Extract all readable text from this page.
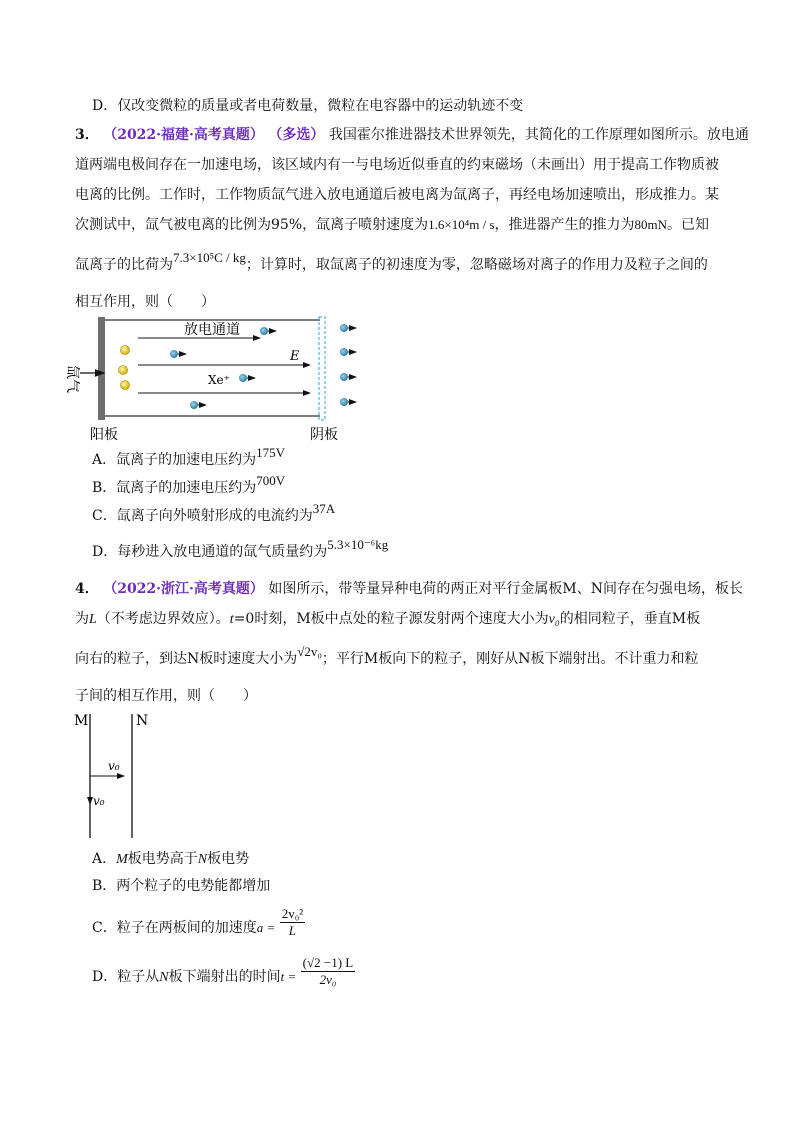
D．仅改变微粒的质量或者电荷数量，微粒在电容器中的运动轨迹不变
3． （2022·福建·高考真题） （多选） 我国霍尔推进器技术世界领先，其简化的工作原理如图所示。放电通
道两端电极间存在一加速电场，该区域内有一与电场近似垂直的约束磁场（未画出）用于提高工作物质被
电离的比例。工作时，工作物质氙气进入放电通道后被电离为氙离子，再经电场加速喷出，形成推力。某
次测试中，氙气被电离的比例为95%，氙离子喷射速度为1.6×10⁴m / s，推进器产生的推力为80mN。已知
氙离子的比荷为7.3×10⁵C / kg；计算时，取氙离子的初速度为零，忽略磁场对离子的作用力及粒子之间的
相互作用，则（　　）
放电通道
E
Xe⁺
氙气
阳板	阴板
A．氙离子的加速电压约为175V
B．氙离子的加速电压约为700V
C．氙离子向外喷射形成的电流约为37A
D．每秒进入放电通道的氙气质量约为5.3×10⁻⁶kg
4． （2022·浙江·高考真题） 如图所示，带等量异种电荷的两正对平行金属板M、N间存在匀强电场，板长
为L（不考虑边界效应）。t=0时刻，M板中点处的粒子源发射两个速度大小为v₀的相同粒子，垂直M板
向右的粒子，到达N板时速度大小为√2v₀；平行M板向下的粒子，刚好从N板下端射出。不计重力和粒
子间的相互作用，则（　　）
M	N
v₀
v₀
A．M板电势高于N板电势
B．两个粒子的电势能都增加
C．粒子在两板间的加速度$a = \frac{\text{2v₀²}}{L}$
D．粒子从N板下端射出的时间$t = \frac{(√2 -1) L}{\text{2v₀}}$
